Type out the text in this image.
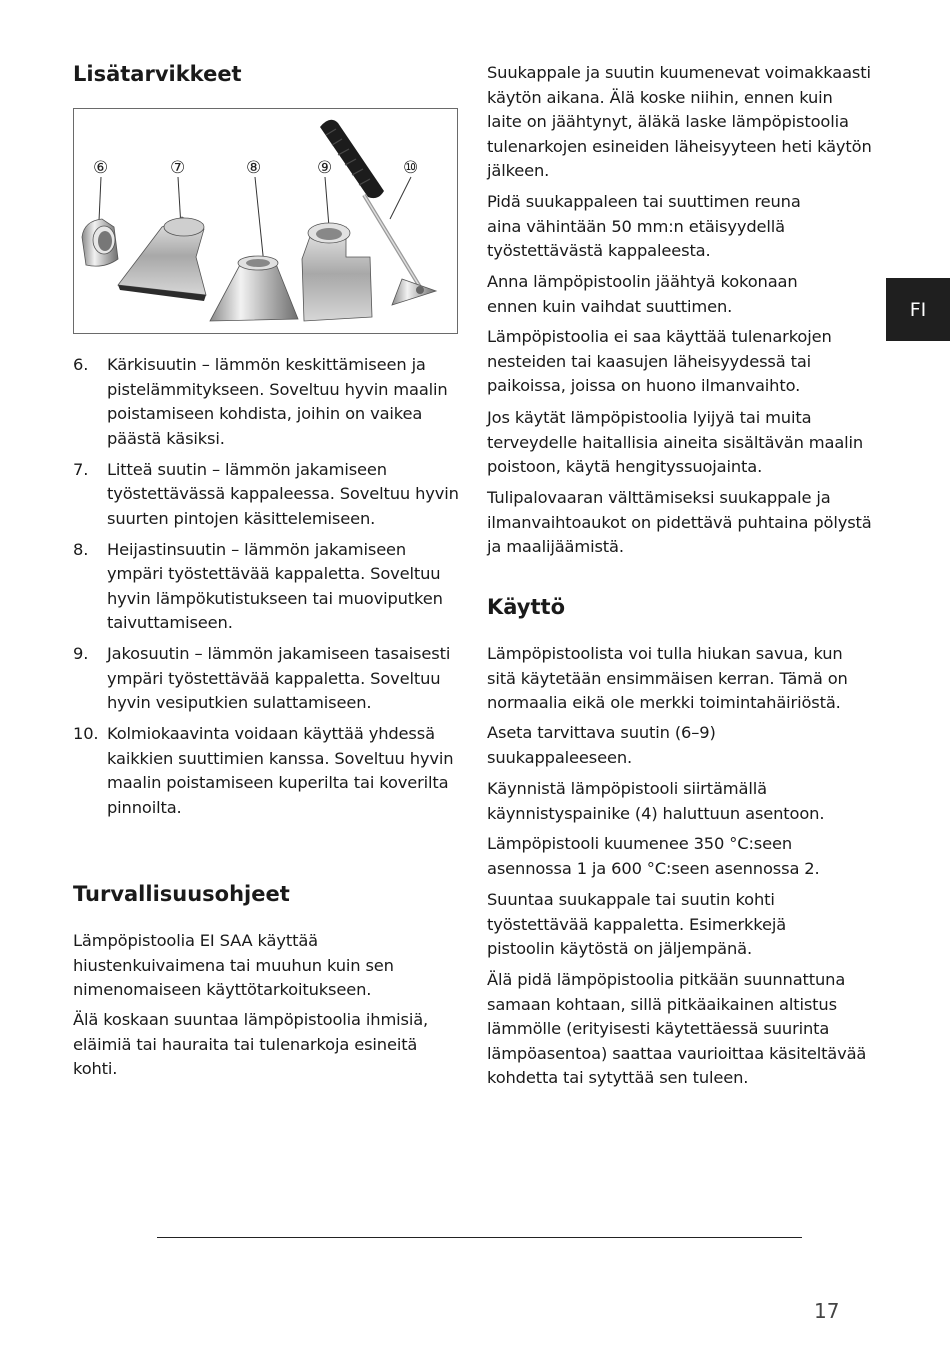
Lisätarvikkeet
⑥	⑦	⑧	⑨	⑩
6. Kärkisuutin – lämmön keskittämiseen ja pistelämmitykseen. Soveltuu hyvin maalin poistamiseen kohdista, joihin on vaikea päästä käsiksi.
7. Litteä suutin – lämmön jakamiseen työstettävässä kappaleessa. Soveltuu hyvin suurten pintojen käsittelemiseen.
8. Heijastinsuutin – lämmön jakamiseen ympäri työstettävää kappaletta. Soveltuu hyvin lämpökutistukseen tai muoviputken taivuttamiseen.
9. Jakosuutin – lämmön jakamiseen tasaisesti ympäri työstettävää kappaletta. Soveltuu hyvin vesiputkien sulattamiseen.
10. Kolmiokaavinta voidaan käyttää yhdessä kaikkien suuttimien kanssa. Soveltuu hyvin maalin poistamiseen kuperilta tai koverilta pinnoilta.
Turvallisuusohjeet

Lämpöpistoolia EI SAA käyttää hiustenkuivaimena tai muuhun kuin sen nimenomaiseen käyttötarkoitukseen.

Älä koskaan suuntaa lämpöpistoolia ihmisiä, eläimiä tai hauraita tai tulenarkoja esineitä kohti.

Suukappale ja suutin kuumenevat voimakkaasti käytön aikana. Älä koske niihin, ennen kuin laite on jäähtynyt, äläkä laske lämpöpistoolia tulenarkojen esineiden läheisyyteen heti käytön jälkeen.

Pidä suukappaleen tai suuttimen reuna aina vähintään 50 mm:n etäisyydellä työstettävästä kappaleesta.

Anna lämpöpistoolin jäähtyä kokonaan ennen kuin vaihdat suuttimen.

Lämpöpistoolia ei saa käyttää tulenarkojen nesteiden tai kaasujen läheisyydessä tai paikoissa, joissa on huono ilmanvaihto.

Jos käytät lämpöpistoolia lyijyä tai muita terveydelle haitallisia aineita sisältävän maalin poistoon, käytä hengityssuojainta.

Tulipalovaaran välttämiseksi suukappale ja ilmanvaihtoaukot on pidettävä puhtaina pölystä ja maalijäämistä.

Käyttö

Lämpöpistoolista voi tulla hiukan savua, kun sitä käytetään ensimmäisen kerran. Tämä on normaalia eikä ole merkki toimintahäiriöstä.

Aseta tarvittava suutin (6–9) suukappaleeseen.

Käynnistä lämpöpistooli siirtämällä käynnistyspainike (4) haluttuun asentoon.

Lämpöpistooli kuumenee 350 °C:seen asennossa 1 ja 600 °C:seen asennossa 2.

Suuntaa suukappale tai suutin kohti työstettävää kappaletta. Esimerkkejä pistoolin käytöstä on jäljempänä.

Älä pidä lämpöpistoolia pitkään suunnattuna samaan kohtaan, sillä pitkäaikainen altistus lämmölle (erityisesti käytettäessä suurinta lämpöasentoa) saattaa vaurioittaa käsiteltävää kohdetta tai sytyttää sen tuleen.

FI
17
